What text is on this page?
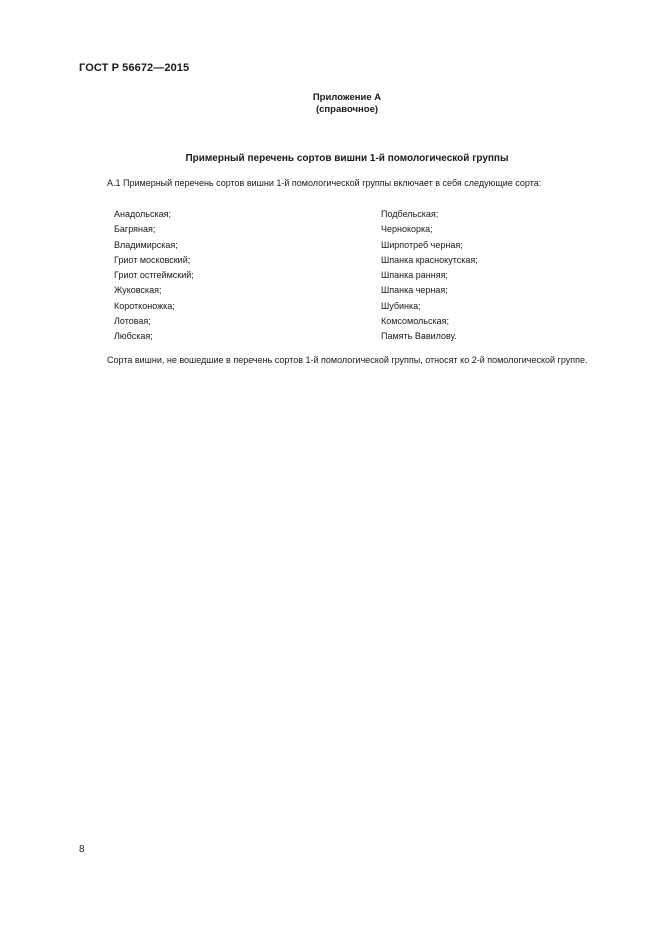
ГОСТ Р 56672—2015
Приложение А
(справочное)
Примерный перечень сортов вишни 1-й помологической группы
А.1 Примерный перечень сортов вишни 1-й помологической группы включает в себя следующие сорта:
Анадольская;
Багряная;
Владимирская;
Гриот московский;
Гриот остгеймский;
Жуковская;
Коротконожка;
Лотовая;
Любская;
Подбельская;
Чернокорка;
Ширпотреб черная;
Шпанка краснокутская;
Шпанка ранняя;
Шпанка черная;
Шубинка;
Комсомольская;
Память Вавилову.
Сорта вишни, не вошедшие в перечень сортов 1-й помологической группы, относят ко 2-й помологической группе.
8
